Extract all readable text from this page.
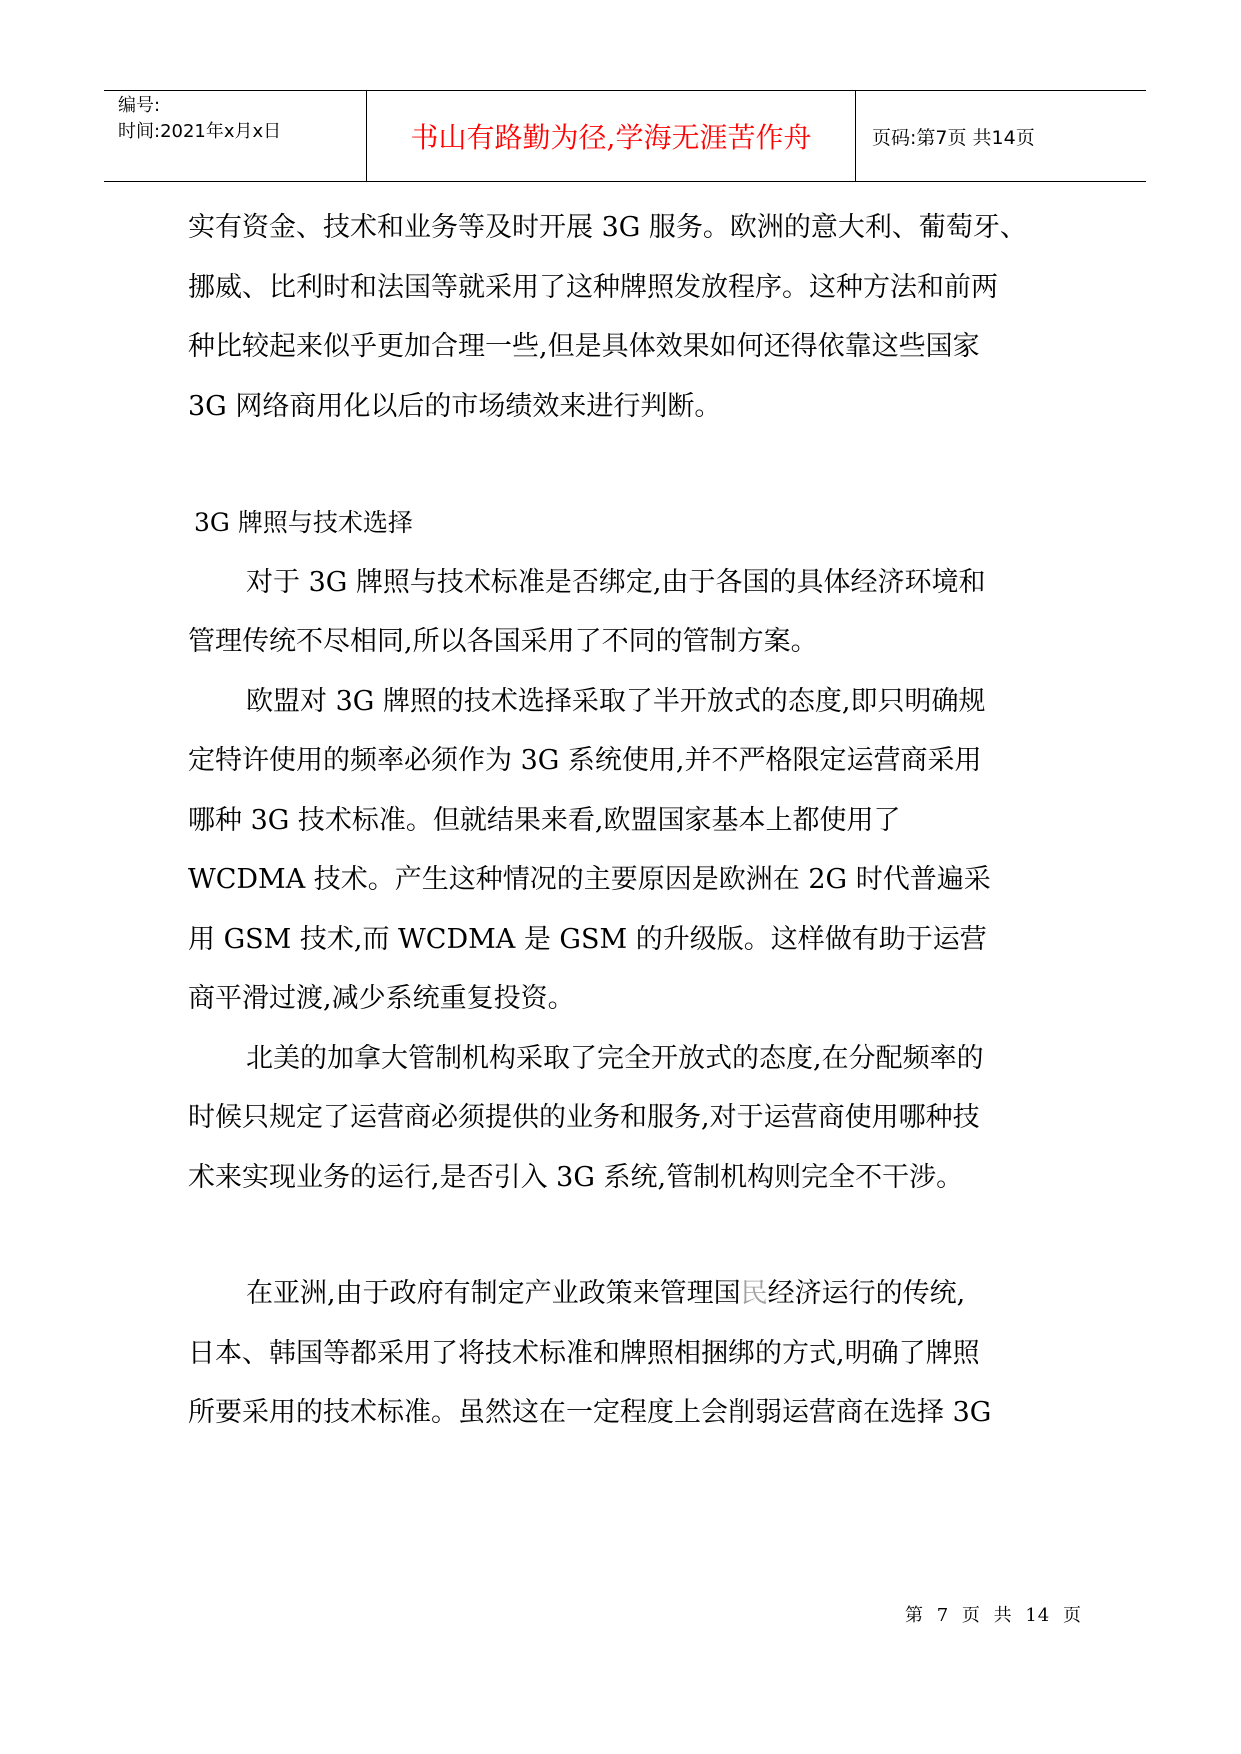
编号:
时间:2021年x月x日	书山有路勤为径,学海无涯苦作舟	页码:第7页 共14页

实有资金、技术和业务等及时开展 3G 服务。欧洲的意大利、葡萄牙、

挪威、比利时和法国等就采用了这种牌照发放程序。这种方法和前两

种比较起来似乎更加合理一些,但是具体效果如何还得依靠这些国家

3G 网络商用化以后的市场绩效来进行判断。

3G 牌照与技术选择

对于 3G 牌照与技术标准是否绑定,由于各国的具体经济环境和

管理传统不尽相同,所以各国采用了不同的管制方案。

欧盟对 3G 牌照的技术选择采取了半开放式的态度,即只明确规

定特许使用的频率必须作为 3G 系统使用,并不严格限定运营商采用

哪种 3G 技术标准。但就结果来看,欧盟国家基本上都使用了

WCDMA 技术。产生这种情况的主要原因是欧洲在 2G 时代普遍采

用 GSM 技术,而 WCDMA 是 GSM 的升级版。这样做有助于运营

商平滑过渡,减少系统重复投资。

北美的加拿大管制机构采取了完全开放式的态度,在分配频率的

时候只规定了运营商必须提供的业务和服务,对于运营商使用哪种技

术来实现业务的运行,是否引入 3G 系统,管制机构则完全不干涉。

在亚洲,由于政府有制定产业政策来管理国民经济运行的传统,

日本、韩国等都采用了将技术标准和牌照相捆绑的方式,明确了牌照

所要采用的技术标准。虽然这在一定程度上会削弱运营商在选择 3G

第 7 页 共 14 页
